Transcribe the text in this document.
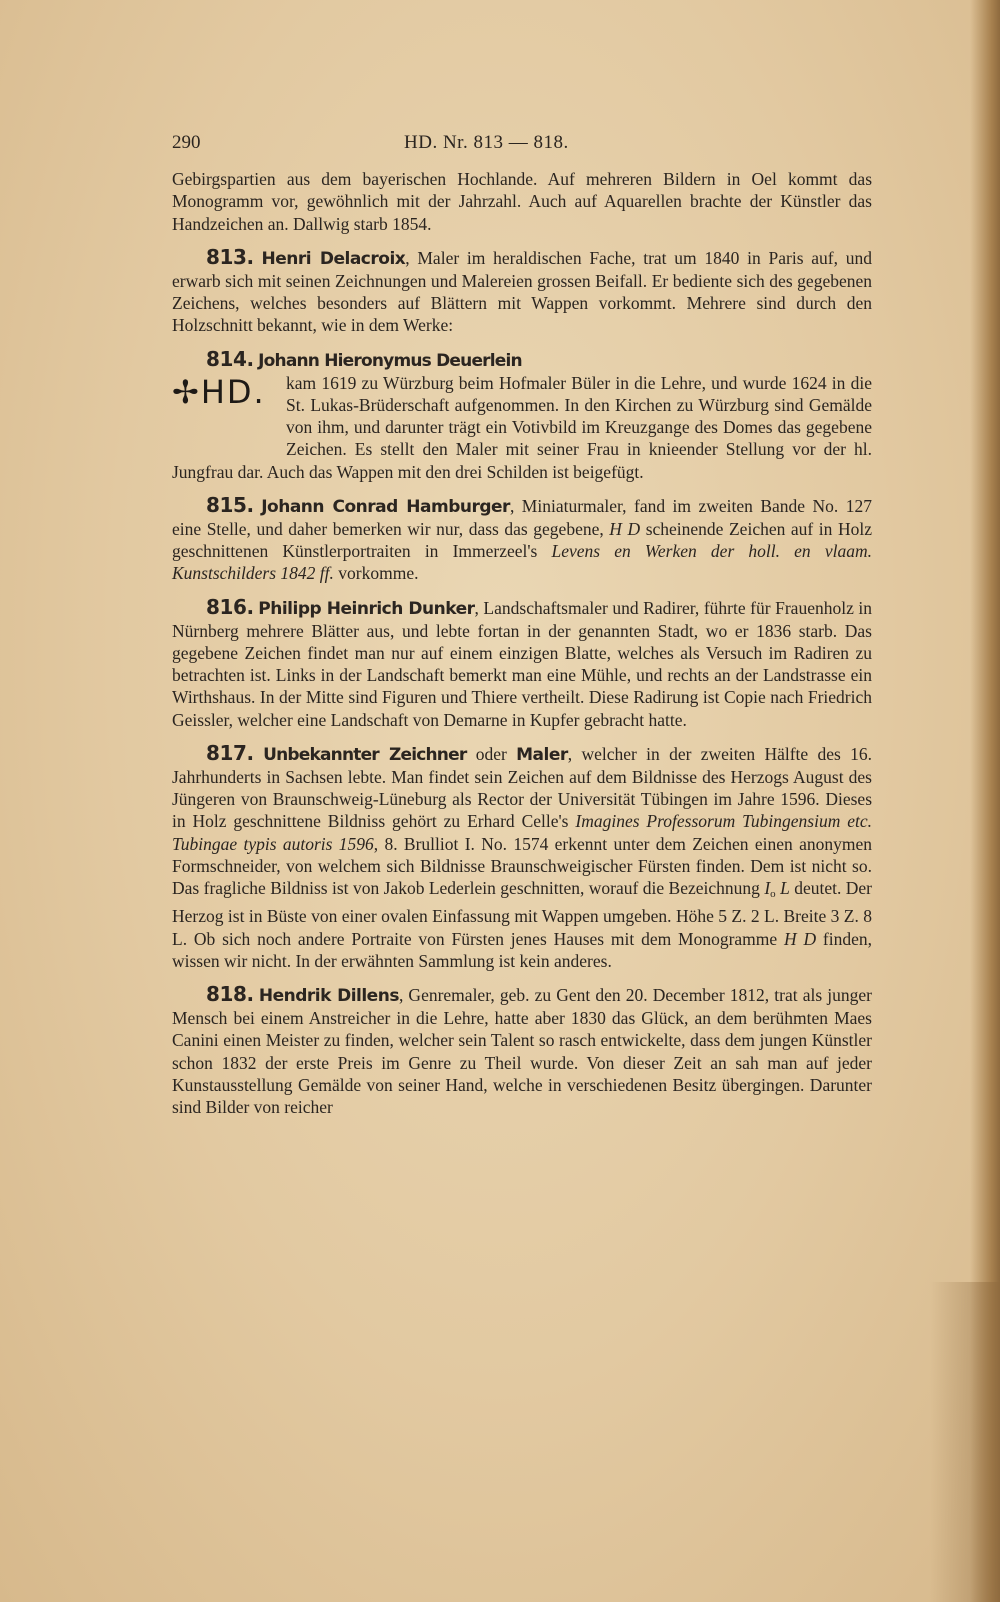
290	HD. Nr. 813 — 818.

Gebirgspartien aus dem bayerischen Hochlande. Auf mehreren Bildern in Oel kommt das Monogramm vor, gewöhnlich mit der Jahrzahl. Auch auf Aquarellen brachte der Künstler das Handzeichen an. Dallwig starb 1854.

813. Henri Delacroix, Maler im heraldischen Fache, trat um 1840 in Paris auf, und erwarb sich mit seinen Zeichnungen und Malereien grossen Beifall. Er bediente sich des gegebenen Zeichens, welches besonders auf Blättern mit Wappen vorkommt. Mehrere sind durch den Holzschnitt bekannt, wie in dem Werke:

814. Johann Hieronymus Deuerlein

✢HD.	kam 1619 zu Würzburg beim Hofmaler Büler in die Lehre, und wurde 1624 in die St. Lukas-Brüderschaft aufgenommen. In den Kirchen zu Würzburg sind Gemälde von ihm, und darunter trägt ein Votivbild im Kreuzgange des Domes das gegebene Zeichen. Es stellt den Maler mit seiner Frau in knieender Stellung vor der hl. Jungfrau dar. Auch das Wappen mit den drei Schilden ist beigefügt.

815. Johann Conrad Hamburger, Miniaturmaler, fand im zweiten Bande No. 127 eine Stelle, und daher bemerken wir nur, dass das gegebene, H D scheinende Zeichen auf in Holz geschnittenen Künstlerportraiten in Immerzeel's Levens en Werken der holl. en vlaam. Kunstschilders 1842 ff. vorkomme.

816. Philipp Heinrich Dunker, Landschaftsmaler und Radirer, führte für Frauenholz in Nürnberg mehrere Blätter aus, und lebte fortan in der genannten Stadt, wo er 1836 starb. Das gegebene Zeichen findet man nur auf einem einzigen Blatte, welches als Versuch im Radiren zu betrachten ist. Links in der Landschaft bemerkt man eine Mühle, und rechts an der Landstrasse ein Wirthshaus. In der Mitte sind Figuren und Thiere vertheilt. Diese Radirung ist Copie nach Friedrich Geissler, welcher eine Landschaft von Demarne in Kupfer gebracht hatte.

817. Unbekannter Zeichner oder Maler, welcher in der zweiten Hälfte des 16. Jahrhunderts in Sachsen lebte. Man findet sein Zeichen auf dem Bildnisse des Herzogs August des Jüngeren von Braunschweig-Lüneburg als Rector der Universität Tübingen im Jahre 1596. Dieses in Holz geschnittene Bildniss gehört zu Erhard Celle's Imagines Professorum Tubingensium etc. Tubingae typis autoris 1596, 8. Brulliot I. No. 1574 erkennt unter dem Zeichen einen anonymen Formschneider, von welchem sich Bildnisse Braunschweigischer Fürsten finden. Dem ist nicht so. Das fragliche Bildniss ist von Jakob Lederlein geschnitten, worauf die Bezeichnung $I_o$ L deutet. Der Herzog ist in Büste von einer ovalen Einfassung mit Wappen umgeben. Höhe 5 Z. 2 L. Breite 3 Z. 8 L. Ob sich noch andere Portraite von Fürsten jenes Hauses mit dem Monogramme H D finden, wissen wir nicht. In der erwähnten Sammlung ist kein anderes.

818. Hendrik Dillens, Genremaler, geb. zu Gent den 20. December 1812, trat als junger Mensch bei einem Anstreicher in die Lehre, hatte aber 1830 das Glück, an dem berühmten Maes Canini einen Meister zu finden, welcher sein Talent so rasch entwickelte, dass dem jungen Künstler schon 1832 der erste Preis im Genre zu Theil wurde. Von dieser Zeit an sah man auf jeder Kunstausstellung Gemälde von seiner Hand, welche in verschiedenen Besitz übergingen. Darunter sind Bilder von reicher
